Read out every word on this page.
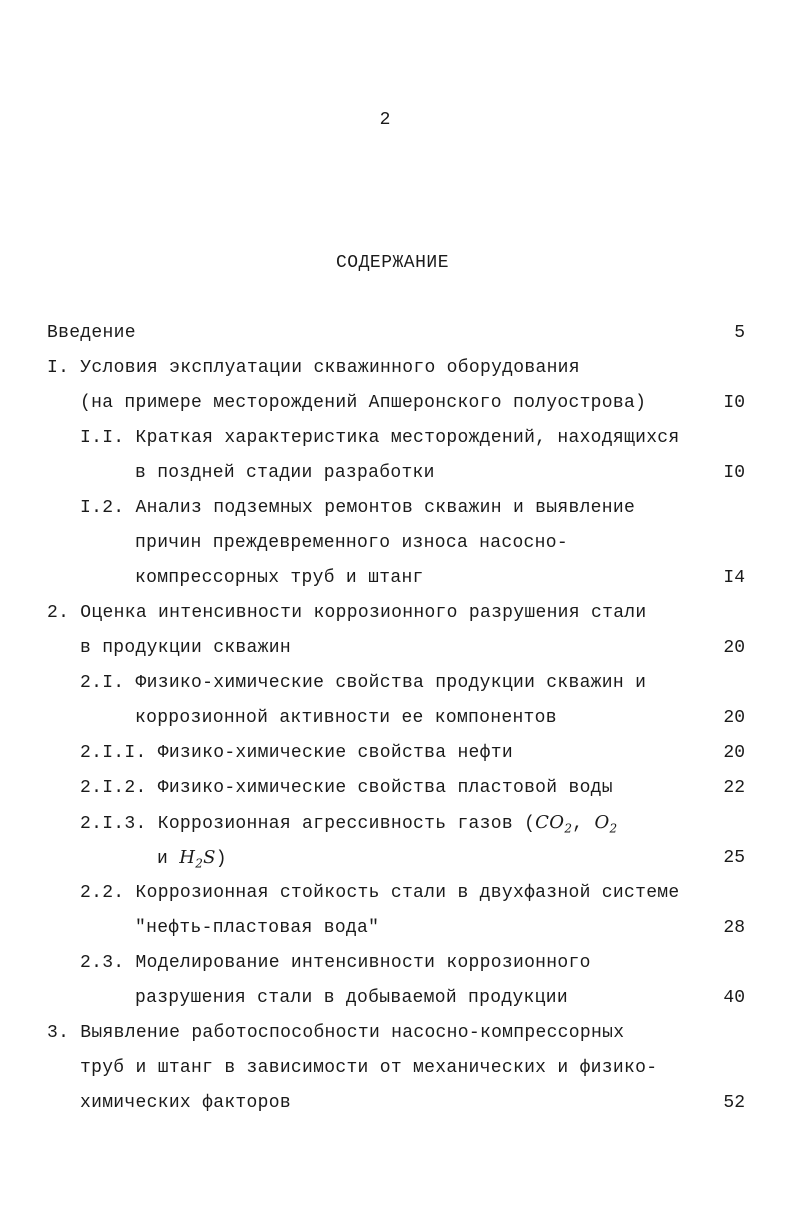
2
СОДЕРЖАНИЕ
Введение	5
I. Условия эксплуатации скважинного оборудования
(на примере месторождений Апшеронского полуострова)	I0
I.I. Краткая характеристика месторождений, находящихся
в поздней стадии разработки	I0
I.2. Анализ подземных ремонтов скважин и выявление
причин преждевременного износа насосно-
компрессорных труб и штанг	I4
2. Оценка интенсивности коррозионного разрушения стали
в продукции скважин	20
2.I. Физико-химические свойства продукции скважин и
коррозионной активности ее компонентов	20
2.I.I. Физико-химические свойства нефти	20
2.I.2. Физико-химические свойства пластовой воды	22
2.I.3. Коррозионная агрессивность газов ($CO_2$, $O_2$
и $H_2S$)	25
2.2. Коррозионная стойкость стали в двухфазной системе
"нефть-пластовая вода"	28
2.3. Моделирование интенсивности коррозионного
разрушения стали в добываемой продукции	40
3. Выявление работоспособности насосно-компрессорных
труб и штанг в зависимости от механических и физико-
химических факторов	52
